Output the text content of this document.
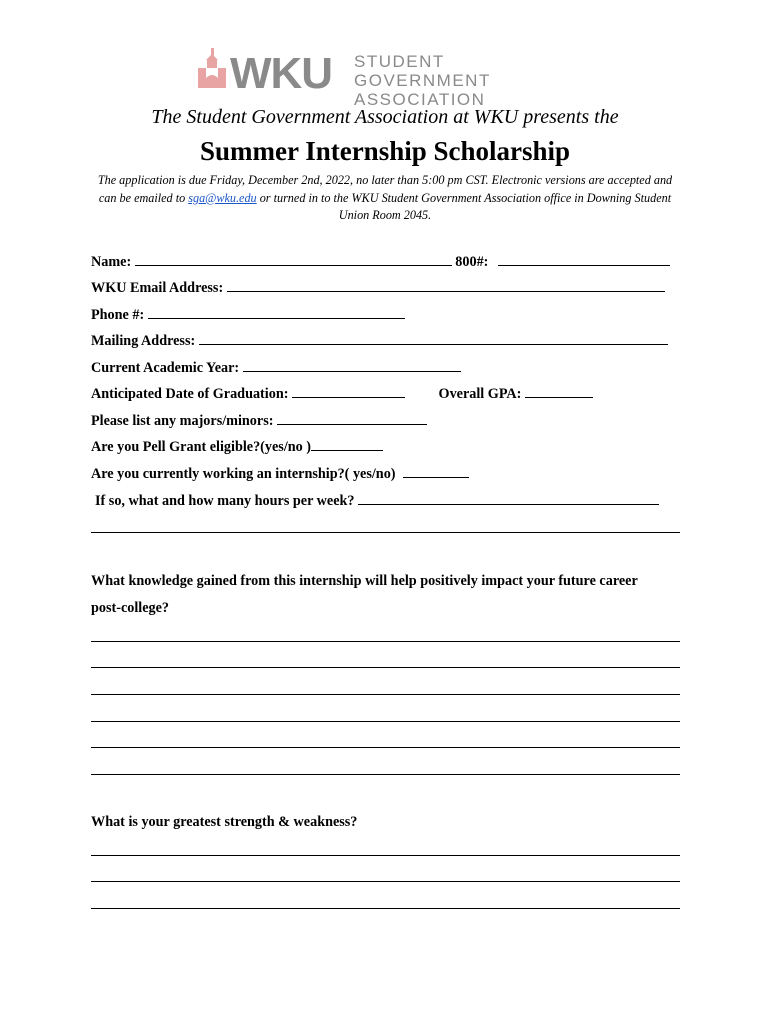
WKU STUDENT GOVERNMENT
ASSOCIATION
The Student Government Association at WKU presents the
Summer Internship Scholarship
The application is due Friday, December 2nd, 2022, no later than 5:00 pm CST. Electronic versions are accepted and can be emailed to sga@wku.edu or turned in to the WKU Student Government Association office in Downing Student Union Room 2045.
Name:	800#:
WKU Email Address:
Phone #:
Mailing Address:
Current Academic Year:
Anticipated Date of Graduation:	Overall GPA:
Please list any majors/minors:
Are you Pell Grant eligible?(yes/no )
Are you currently working an internship?( yes/no)
If so, what and how many hours per week?
What knowledge gained from this internship will help positively impact your future career
post-college?
What is your greatest strength & weakness?
